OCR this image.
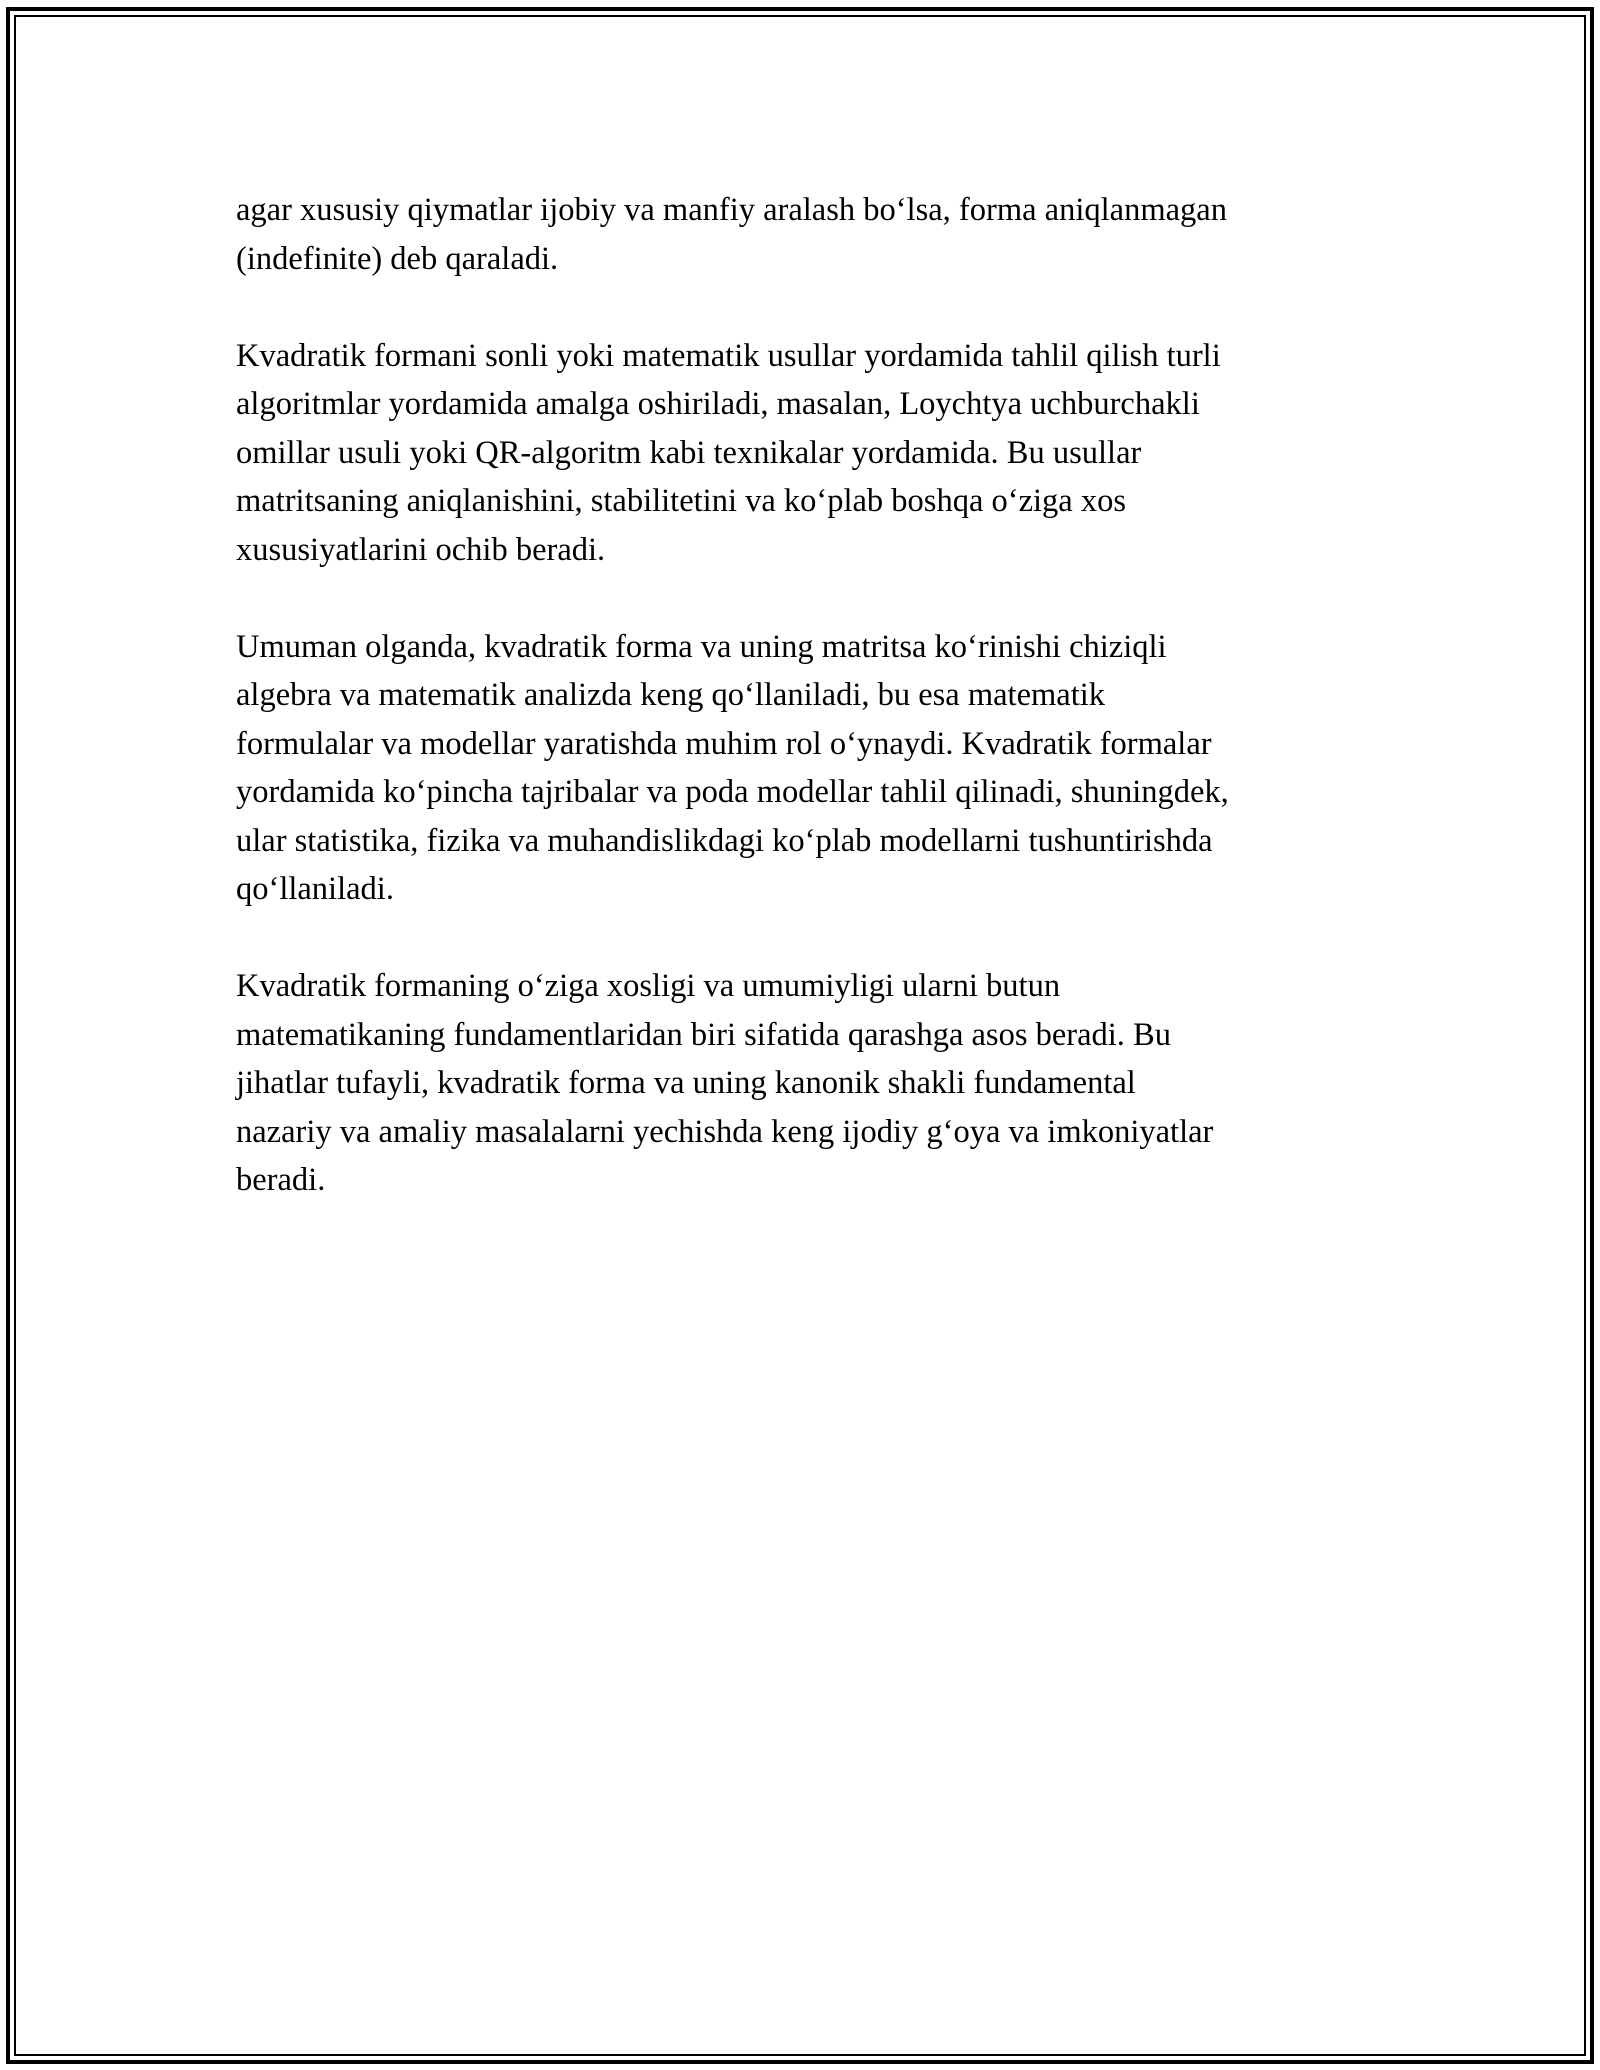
agar xususiy qiymatlar ijobiy va manfiy aralash bo‘lsa, forma aniqlanmagan
(indefinite) deb qaraladi.

Kvadratik formani sonli yoki matematik usullar yordamida tahlil qilish turli
algoritmlar yordamida amalga oshiriladi, masalan, Loychtya uchburchakli
omillar usuli yoki QR-algoritm kabi texnikalar yordamida. Bu usullar
matritsaning aniqlanishini, stabilitetini va ko‘plab boshqa o‘ziga xos
xususiyatlarini ochib beradi.

Umuman olganda, kvadratik forma va uning matritsa ko‘rinishi chiziqli
algebra va matematik analizda keng qo‘llaniladi, bu esa matematik
formulalar va modellar yaratishda muhim rol o‘ynaydi. Kvadratik formalar
yordamida ko‘pincha tajribalar va poda modellar tahlil qilinadi, shuningdek,
ular statistika, fizika va muhandislikdagi ko‘plab modellarni tushuntirishda
qo‘llaniladi.

Kvadratik formaning o‘ziga xosligi va umumiyligi ularni butun
matematikaning fundamentlaridan biri sifatida qarashga asos beradi. Bu
jihatlar tufayli, kvadratik forma va uning kanonik shakli fundamental
nazariy va amaliy masalalarni yechishda keng ijodiy g‘oya va imkoniyatlar
beradi.
